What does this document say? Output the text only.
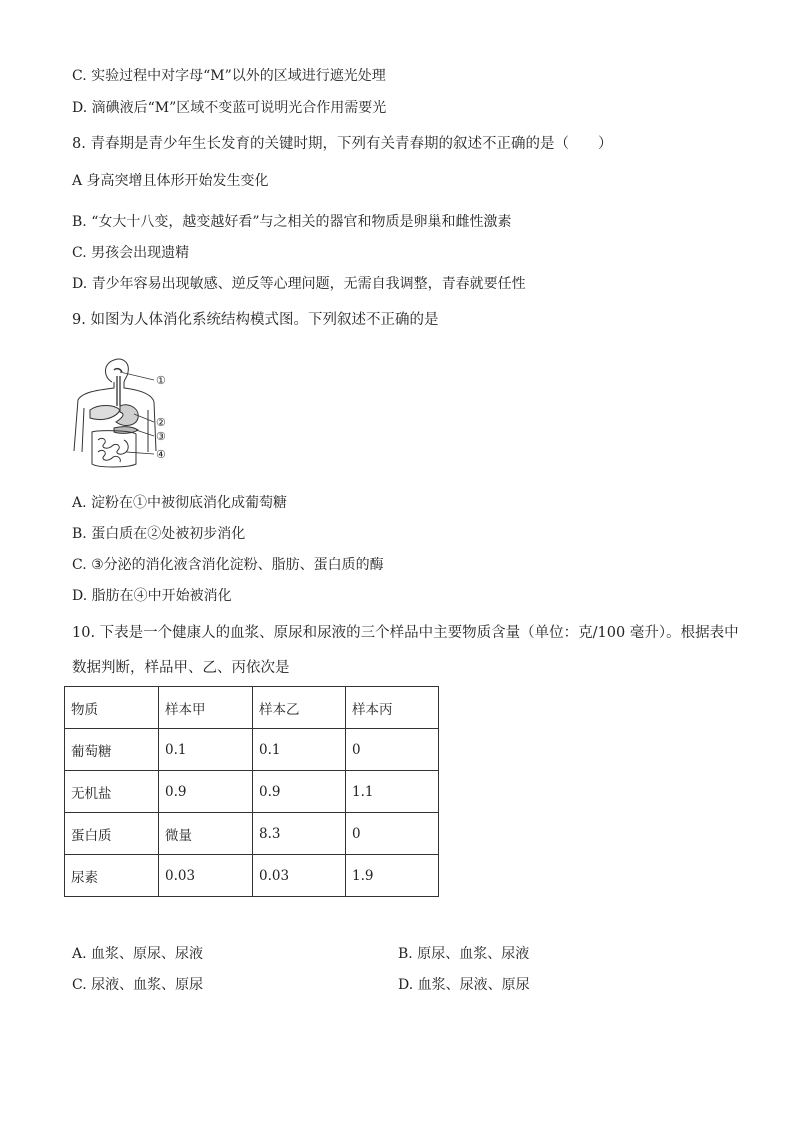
C. 实验过程中对字母“M”以外的区域进行遮光处理
D. 滴碘液后“M”区域不变蓝可说明光合作用需要光
8. 青春期是青少年生长发育的关键时期，下列有关青春期的叙述不正确的是（　　）
A 身高突增且体形开始发生变化
B. “女大十八变，越变越好看”与之相关的器官和物质是卵巢和雌性激素
C. 男孩会出现遗精
D. 青少年容易出现敏感、逆反等心理问题，无需自我调整，青春就要任性
9. 如图为人体消化系统结构模式图。下列叙述不正确的是
①
②
③
④
A. 淀粉在①中被彻底消化成葡萄糖
B. 蛋白质在②处被初步消化
C. ③分泌的消化液含消化淀粉、脂肪、蛋白质的酶
D. 脂肪在④中开始被消化
10. 下表是一个健康人的血浆、原尿和尿液的三个样品中主要物质含量（单位：克/100 毫升）。根据表中
数据判断，样品甲、乙、丙依次是
物质	样本甲	样本乙	样本丙
葡萄糖	0.1	0.1	0
无机盐	0.9	0.9	1.1
蛋白质	微量	8.3	0
尿素	0.03	0.03	1.9
A. 血浆、原尿、尿液	B. 原尿、血浆、尿液
C. 尿液、血浆、原尿	D. 血浆、尿液、原尿
